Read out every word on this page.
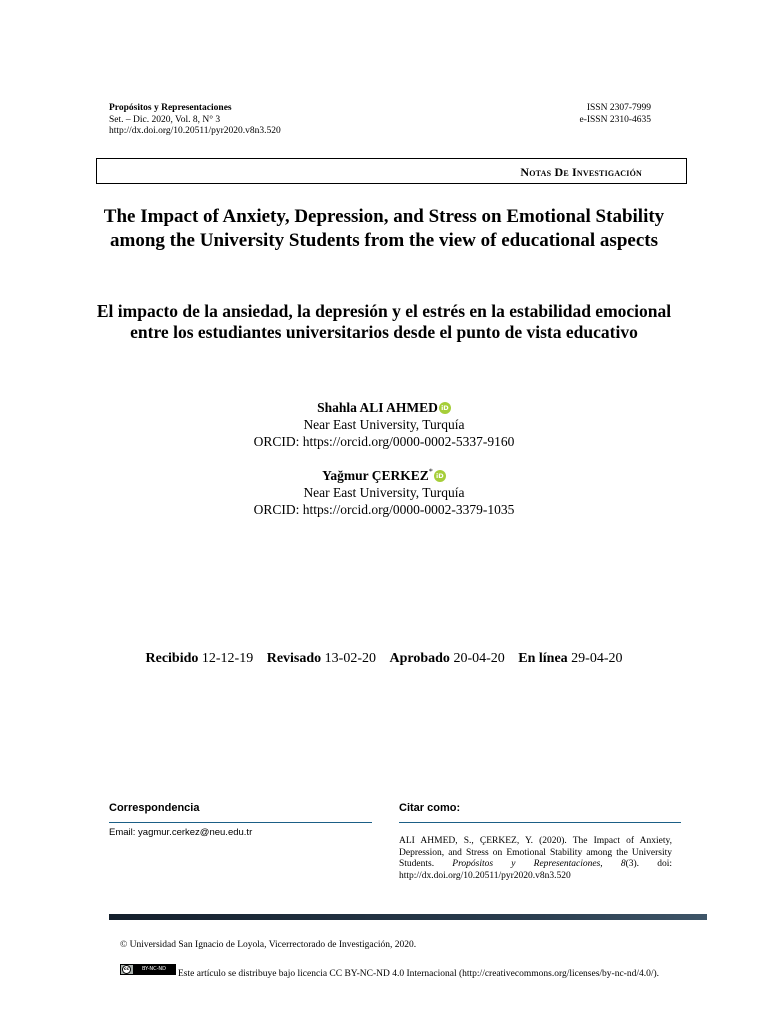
Propósitos y Representaciones
Set. – Dic. 2020, Vol. 8, N° 3
http://dx.doi.org/10.20511/pyr2020.v8n3.520
ISSN 2307-7999
e-ISSN 2310-4635
Notas De Investigación
The Impact of Anxiety, Depression, and Stress on Emotional Stability among the University Students from the view of educational aspects
El impacto de la ansiedad, la depresión y el estrés en la estabilidad emocional entre los estudiantes universitarios desde el punto de vista educativo
Shahla ALI AHMED iD
Near East University, Turquía
ORCID: https://orcid.org/0000-0002-5337-9160
Yağmur ÇERKEZ* iD
Near East University, Turquía
ORCID: https://orcid.org/0000-0002-3379-1035
Recibido 12-12-19 Revisado 13-02-20 Aprobado 20-04-20 En línea 29-04-20
Correspondencia	Citar como:
Email: yagmur.cerkez@neu.edu.tr
ALI AHMED, S., ÇERKEZ, Y. (2020). The Impact of Anxiety, Depression, and Stress on Emotional Stability among the University Students. Propósitos y Representaciones, 8(3). doi: http://dx.doi.org/10.20511/pyr2020.v8n3.520
© Universidad San Ignacio de Loyola, Vicerrectorado de Investigación, 2020.
Este artículo se distribuye bajo licencia CC BY-NC-ND 4.0 Internacional (http://creativecommons.org/licenses/by-nc-nd/4.0/).
cc	BY-NC-ND
